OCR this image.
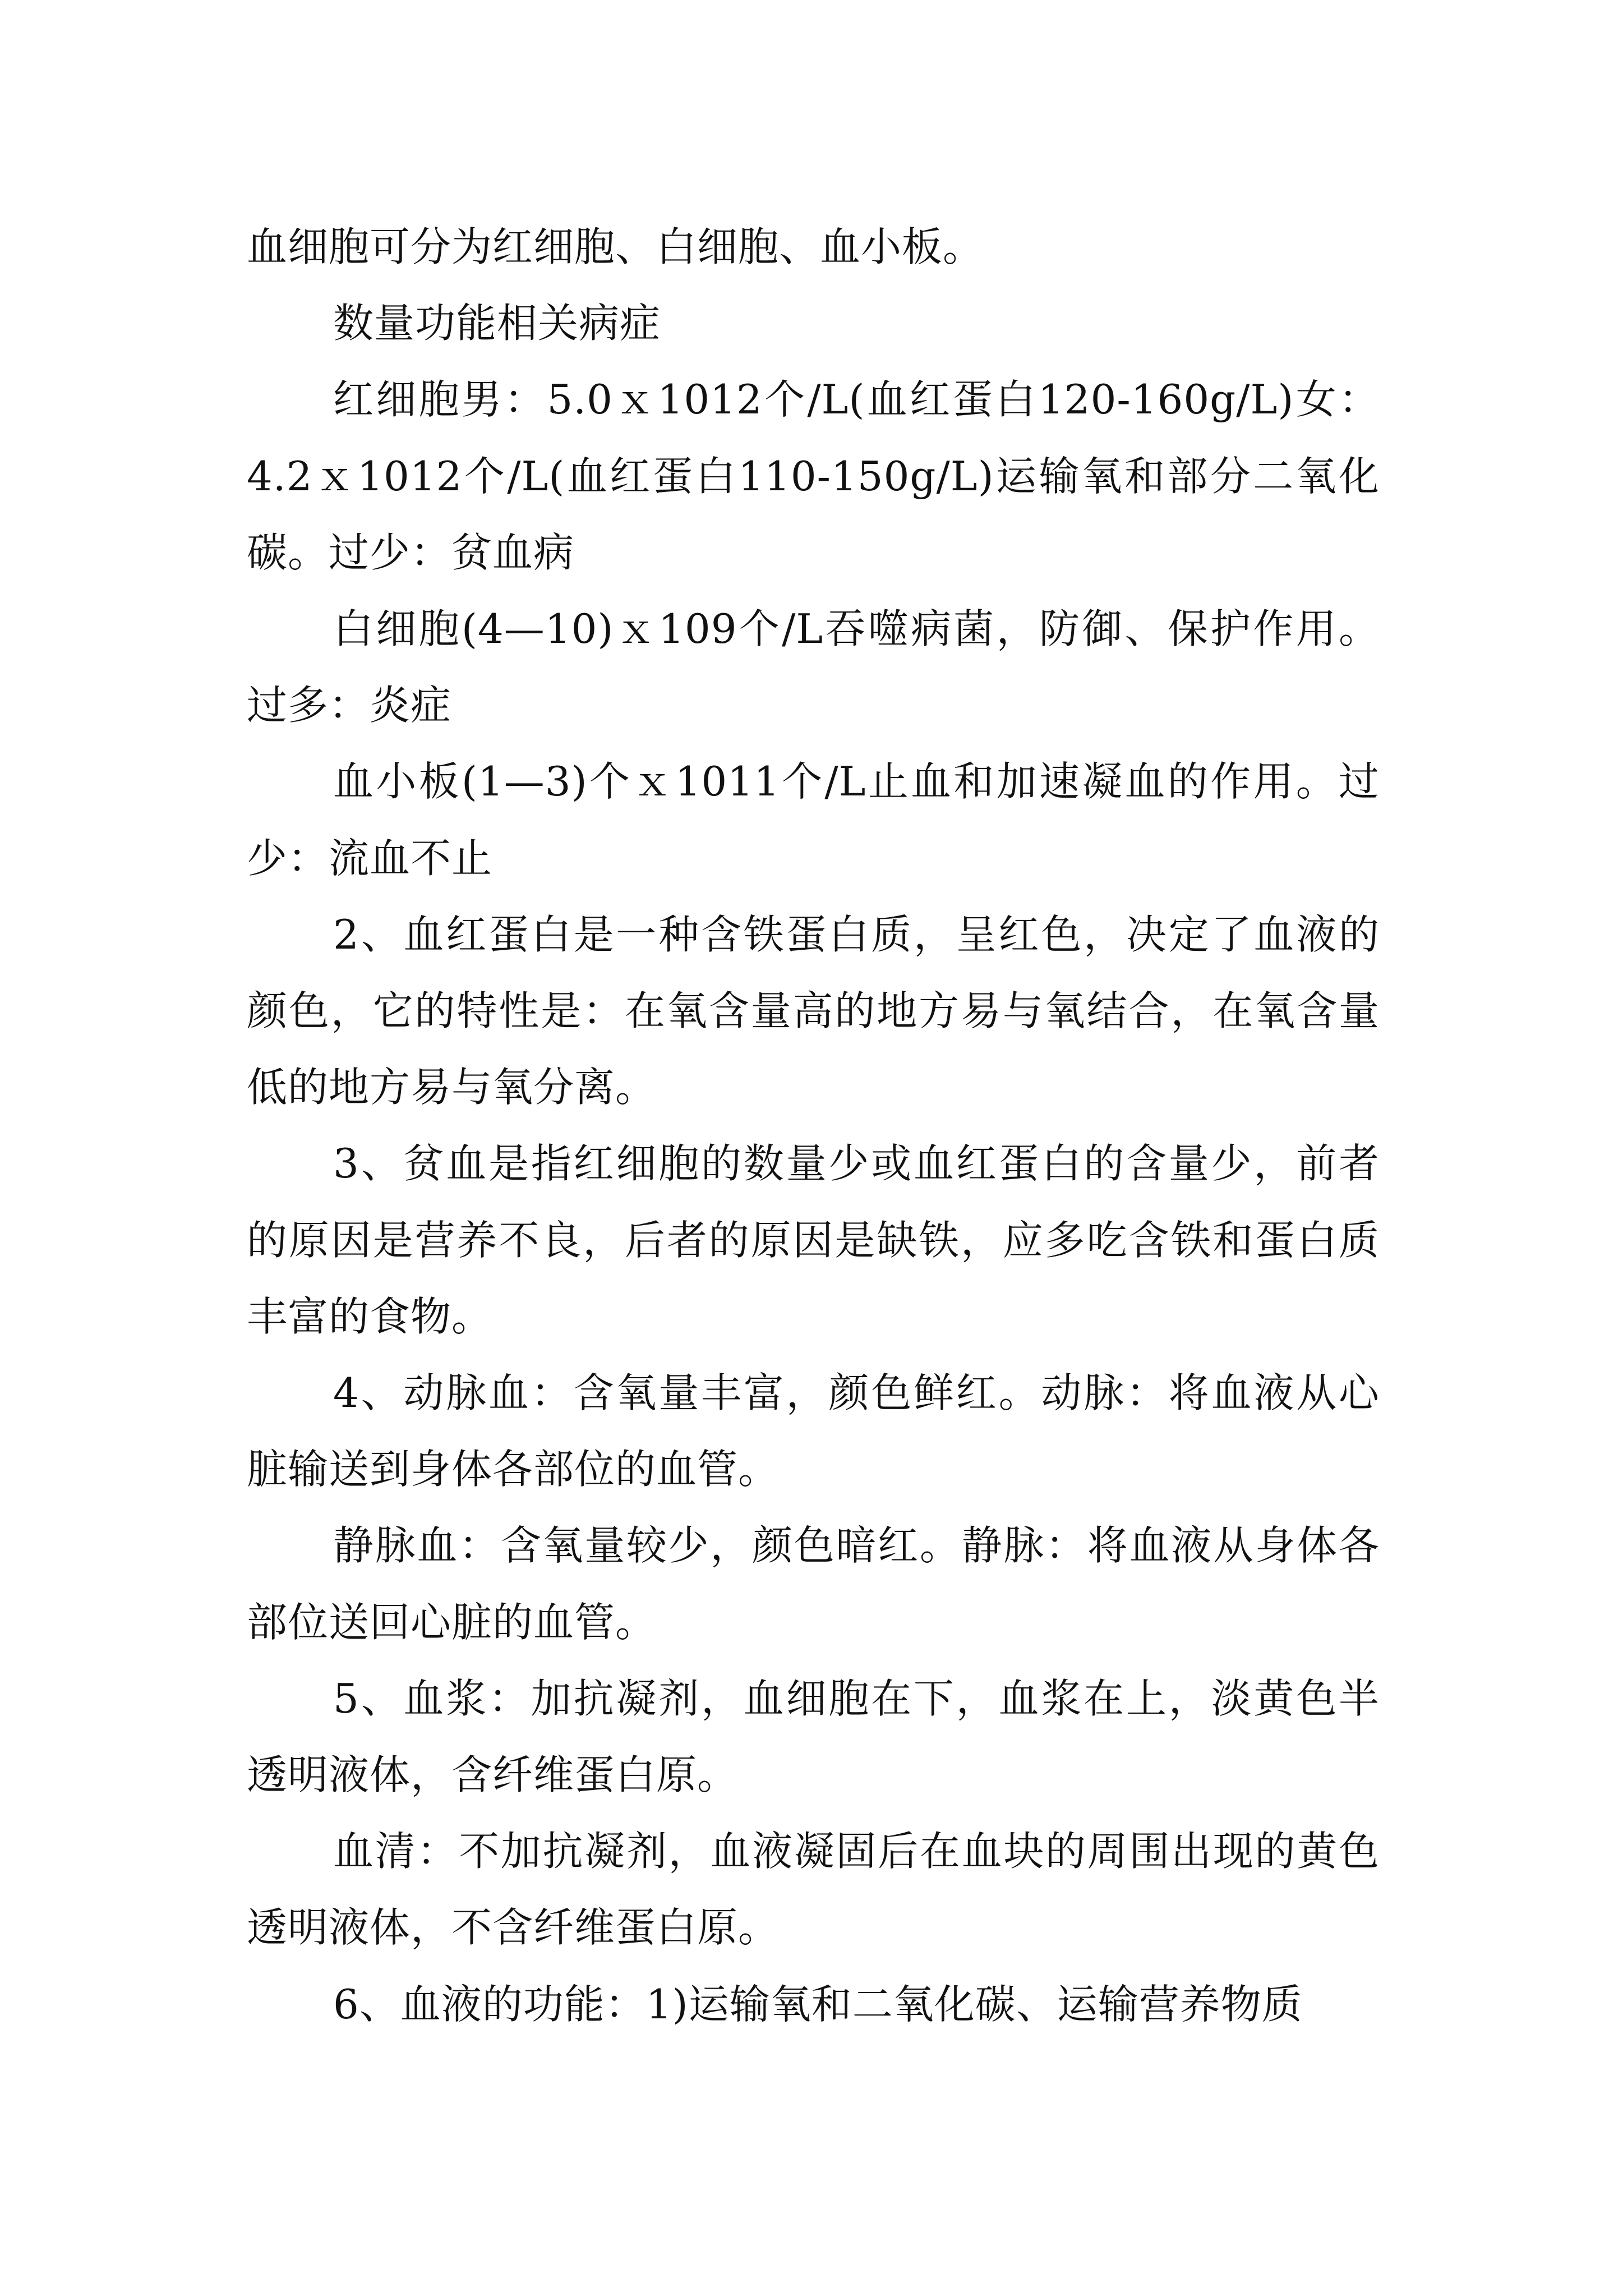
血细胞可分为红细胞、白细胞、血小板。

数量功能相关病症

红细胞男：5.0ｘ1012个/L(血红蛋白120-160g/L)女：4.2ｘ1012个/L(血红蛋白110-150g/L)运输氧和部分二氧化碳。过少：贫血病

白细胞(4—10)ｘ109个/L吞噬病菌，防御、保护作用。过多：炎症

血小板(1—3)个ｘ1011个/L止血和加速凝血的作用。过少：流血不止

2、血红蛋白是一种含铁蛋白质，呈红色，决定了血液的颜色，它的特性是：在氧含量高的地方易与氧结合，在氧含量低的地方易与氧分离。

3、贫血是指红细胞的数量少或血红蛋白的含量少，前者的原因是营养不良，后者的原因是缺铁，应多吃含铁和蛋白质丰富的食物。

4、动脉血：含氧量丰富，颜色鲜红。动脉：将血液从心脏输送到身体各部位的血管。

静脉血：含氧量较少，颜色暗红。静脉：将血液从身体各部位送回心脏的血管。

5、血浆：加抗凝剂，血细胞在下，血浆在上，淡黄色半透明液体，含纤维蛋白原。

血清：不加抗凝剂，血液凝固后在血块的周围出现的黄色透明液体，不含纤维蛋白原。

6、血液的功能：1)运输氧和二氧化碳、运输营养物质
